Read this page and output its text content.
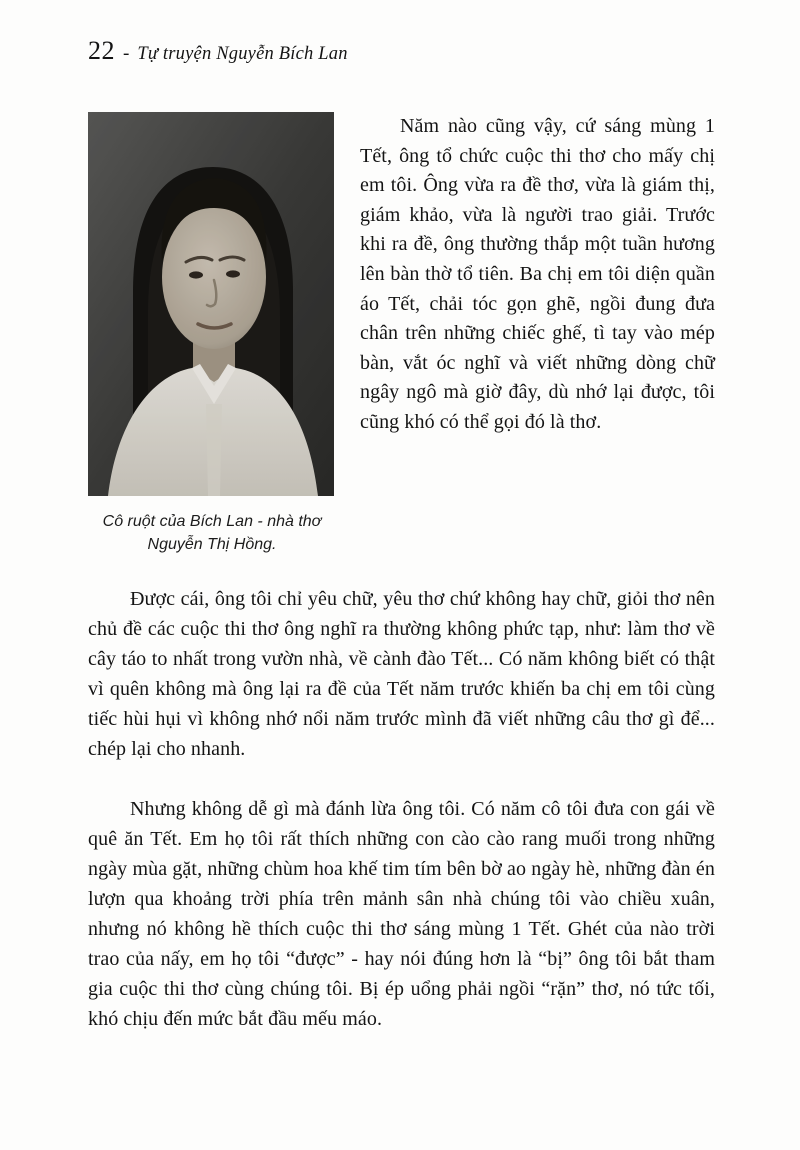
22 - Tự truyện Nguyễn Bích Lan
Cô ruột của Bích Lan - nhà thơ Nguyễn Thị Hồng.

Năm nào cũng vậy, cứ sáng mùng 1 Tết, ông tổ chức cuộc thi thơ cho mấy chị em tôi. Ông vừa ra đề thơ, vừa là giám thị, giám khảo, vừa là người trao giải. Trước khi ra đề, ông thường thắp một tuần hương lên bàn thờ tổ tiên. Ba chị em tôi diện quần áo Tết, chải tóc gọn ghẽ, ngồi đung đưa chân trên những chiếc ghế, tì tay vào mép bàn, vắt óc nghĩ và viết những dòng chữ ngây ngô mà giờ đây, dù nhớ lại được, tôi cũng khó có thể gọi đó là thơ.

Được cái, ông tôi chỉ yêu chữ, yêu thơ chứ không hay chữ, giỏi thơ nên chủ đề các cuộc thi thơ ông nghĩ ra thường không phức tạp, như: làm thơ về cây táo to nhất trong vườn nhà, về cành đào Tết... Có năm không biết có thật vì quên không mà ông lại ra đề của Tết năm trước khiến ba chị em tôi cùng tiếc hùi hụi vì không nhớ nổi năm trước mình đã viết những câu thơ gì để... chép lại cho nhanh.

Nhưng không dễ gì mà đánh lừa ông tôi. Có năm cô tôi đưa con gái về quê ăn Tết. Em họ tôi rất thích những con cào cào rang muối trong những ngày mùa gặt, những chùm hoa khế tim tím bên bờ ao ngày hè, những đàn én lượn qua khoảng trời phía trên mảnh sân nhà chúng tôi vào chiều xuân, nhưng nó không hề thích cuộc thi thơ sáng mùng 1 Tết. Ghét của nào trời trao của nấy, em họ tôi “được” - hay nói đúng hơn là “bị” ông tôi bắt tham gia cuộc thi thơ cùng chúng tôi. Bị ép uổng phải ngồi “rặn” thơ, nó tức tối, khó chịu đến mức bắt đầu mếu máo.
